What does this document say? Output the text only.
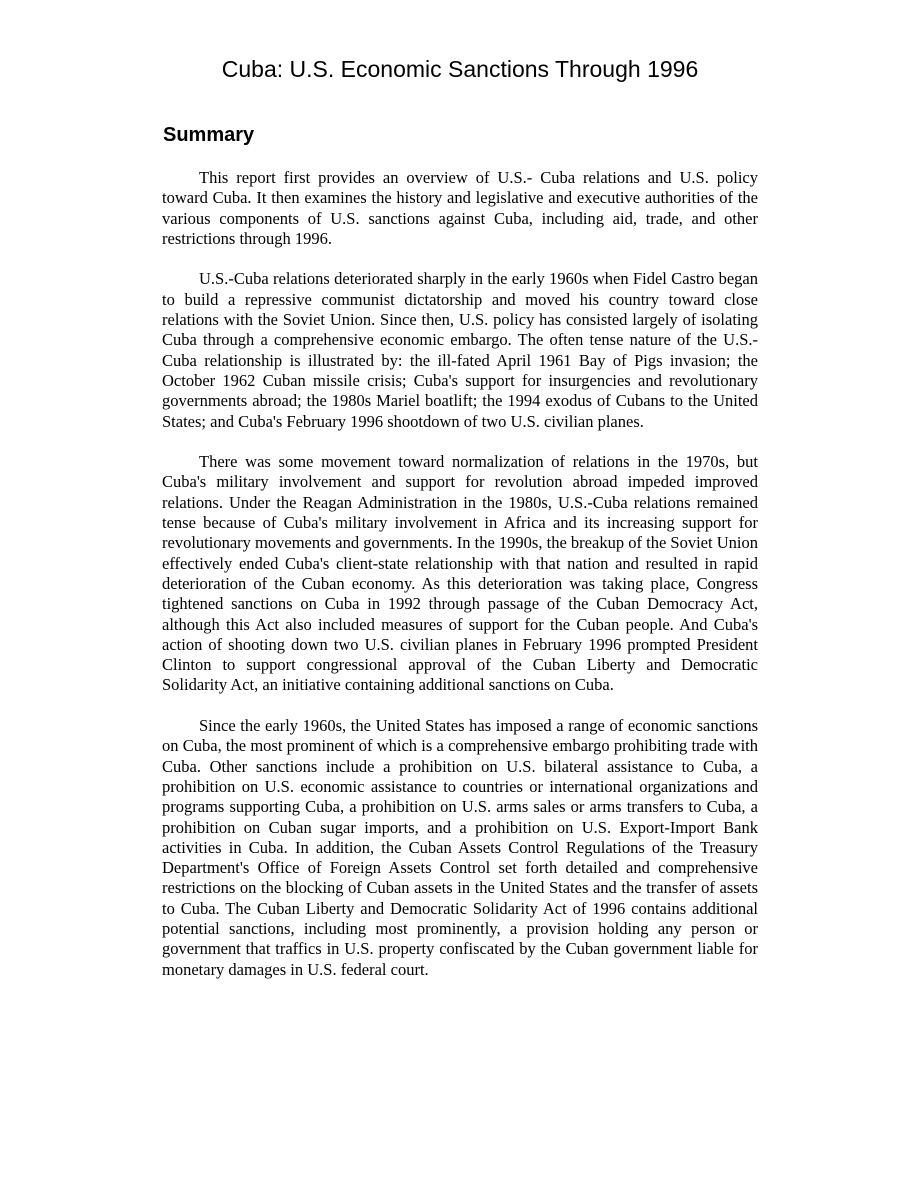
Cuba: U.S. Economic Sanctions Through 1996
Summary

This report first provides an overview of U.S.- Cuba relations and U.S. policy toward Cuba. It then examines the history and legislative and executive authorities of the various components of U.S. sanctions against Cuba, including aid, trade, and other restrictions through 1996.

U.S.-Cuba relations deteriorated sharply in the early 1960s when Fidel Castro began to build a repressive communist dictatorship and moved his country toward close relations with the Soviet Union. Since then, U.S. policy has consisted largely of isolating Cuba through a comprehensive economic embargo. The often tense nature of the U.S.-Cuba relationship is illustrated by: the ill-fated April 1961 Bay of Pigs invasion; the October 1962 Cuban missile crisis; Cuba's support for insurgencies and revolutionary governments abroad; the 1980s Mariel boatlift; the 1994 exodus of Cubans to the United States; and Cuba's February 1996 shootdown of two U.S. civilian planes.

There was some movement toward normalization of relations in the 1970s, but Cuba's military involvement and support for revolution abroad impeded improved relations. Under the Reagan Administration in the 1980s, U.S.-Cuba relations remained tense because of Cuba's military involvement in Africa and its increasing support for revolutionary movements and governments. In the 1990s, the breakup of the Soviet Union effectively ended Cuba's client-state relationship with that nation and resulted in rapid deterioration of the Cuban economy. As this deterioration was taking place, Congress tightened sanctions on Cuba in 1992 through passage of the Cuban Democracy Act, although this Act also included measures of support for the Cuban people. And Cuba's action of shooting down two U.S. civilian planes in February 1996 prompted President Clinton to support congressional approval of the Cuban Liberty and Democratic Solidarity Act, an initiative containing additional sanctions on Cuba.

Since the early 1960s, the United States has imposed a range of economic sanctions on Cuba, the most prominent of which is a comprehensive embargo prohibiting trade with Cuba. Other sanctions include a prohibition on U.S. bilateral assistance to Cuba, a prohibition on U.S. economic assistance to countries or international organizations and programs supporting Cuba, a prohibition on U.S. arms sales or arms transfers to Cuba, a prohibition on Cuban sugar imports, and a prohibition on U.S. Export-Import Bank activities in Cuba. In addition, the Cuban Assets Control Regulations of the Treasury Department's Office of Foreign Assets Control set forth detailed and comprehensive restrictions on the blocking of Cuban assets in the United States and the transfer of assets to Cuba. The Cuban Liberty and Democratic Solidarity Act of 1996 contains additional potential sanctions, including most prominently, a provision holding any person or government that traffics in U.S. property confiscated by the Cuban government liable for monetary damages in U.S. federal court.
